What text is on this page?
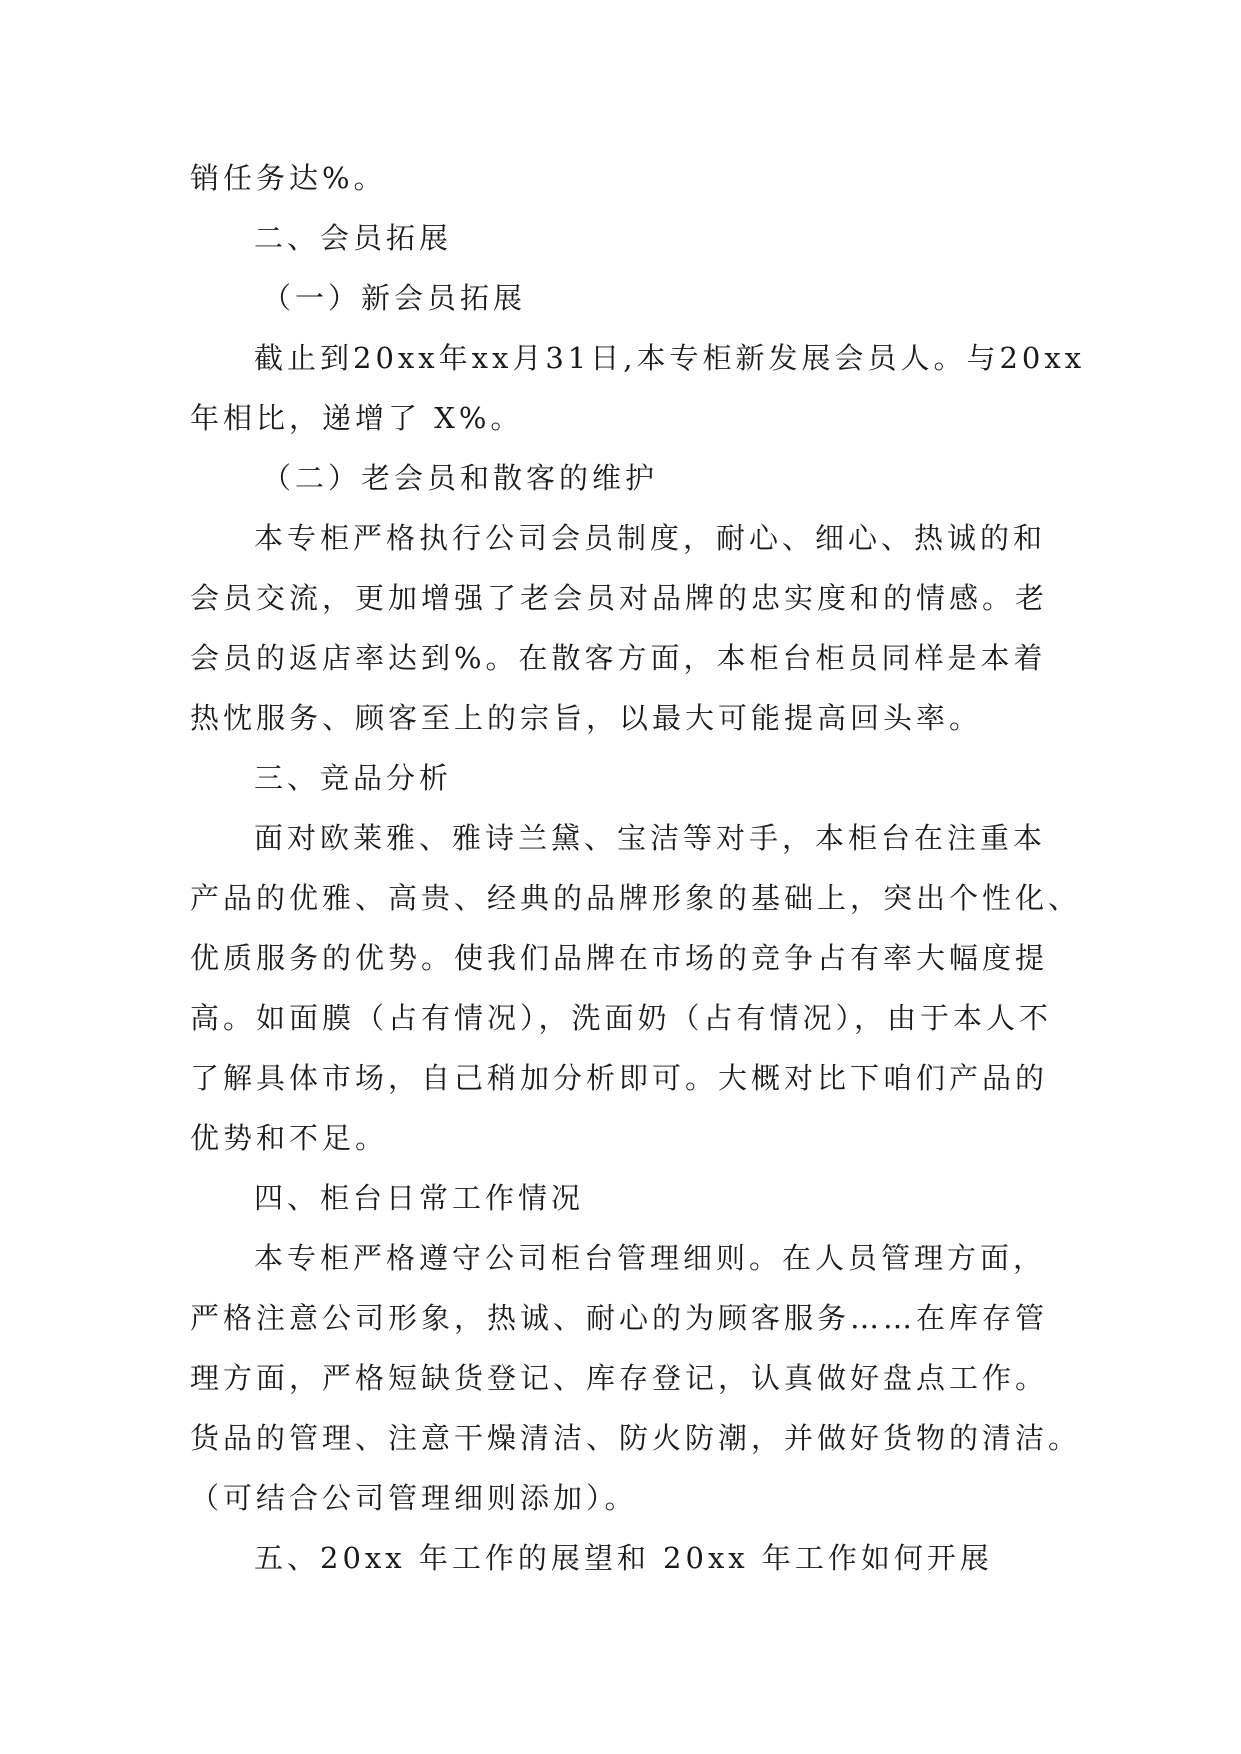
销任务达%。
二、会员拓展
（一）新会员拓展
截止到20xx年xx月31日,本专柜新发展会员人。与20xx
年相比，递增了 X%。
（二）老会员和散客的维护
本专柜严格执行公司会员制度，耐心、细心、热诚的和
会员交流，更加增强了老会员对品牌的忠实度和的情感。老
会员的返店率达到%。在散客方面，本柜台柜员同样是本着
热忱服务、顾客至上的宗旨，以最大可能提高回头率。
三、竞品分析
面对欧莱雅、雅诗兰黛、宝洁等对手，本柜台在注重本
产品的优雅、高贵、经典的品牌形象的基础上，突出个性化、
优质服务的优势。使我们品牌在市场的竞争占有率大幅度提
高。如面膜（占有情况），洗面奶（占有情况），由于本人不
了解具体市场，自己稍加分析即可。大概对比下咱们产品的
优势和不足。
四、柜台日常工作情况
本专柜严格遵守公司柜台管理细则。在人员管理方面，
严格注意公司形象，热诚、耐心的为顾客服务……在库存管
理方面，严格短缺货登记、库存登记，认真做好盘点工作。
货品的管理、注意干燥清洁、防火防潮，并做好货物的清洁。
（可结合公司管理细则添加）。
五、20xx 年工作的展望和 20xx 年工作如何开展
